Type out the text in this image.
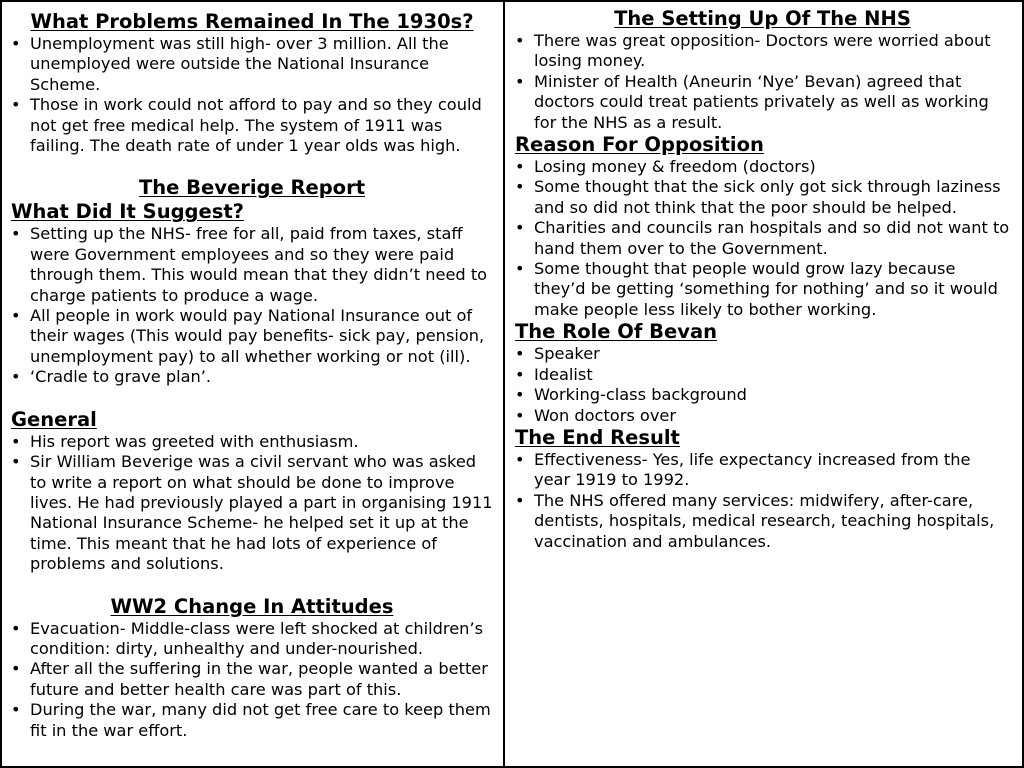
What Problems Remained In The 1930s?
• Unemployment was still high- over 3 million. All the unemployed were outside the National Insurance Scheme.
• Those in work could not afford to pay and so they could not get free medical help. The system of 1911 was failing. The death rate of under 1 year olds was high.
The Beverige Report
What Did It Suggest?
• Setting up the NHS- free for all, paid from taxes, staff were Government employees and so they were paid through them. This would mean that they didn’t need to charge patients to produce a wage.
• All people in work would pay National Insurance out of their wages (This would pay benefits- sick pay, pension, unemployment pay) to all whether working or not (ill).
• ‘Cradle to grave plan’.
General
• His report was greeted with enthusiasm.
• Sir William Beverige was a civil servant who was asked to write a report on what should be done to improve lives. He had previously played a part in organising 1911 National Insurance Scheme- he helped set it up at the time. This meant that he had lots of experience of problems and solutions.
WW2 Change In Attitudes
• Evacuation- Middle-class were left shocked at children’s condition: dirty, unhealthy and under-nourished.
• After all the suffering in the war, people wanted a better future and better health care was part of this.
• During the war, many did not get free care to keep them fit in the war effort.
The Setting Up Of The NHS
• There was great opposition- Doctors were worried about losing money.
• Minister of Health (Aneurin ‘Nye’ Bevan) agreed that doctors could treat patients privately as well as working for the NHS as a result.
Reason For Opposition
• Losing money & freedom (doctors)
• Some thought that the sick only got sick through laziness and so did not think that the poor should be helped.
• Charities and councils ran hospitals and so did not want to hand them over to the Government.
• Some thought that people would grow lazy because they’d be getting ‘something for nothing’ and so it would make people less likely to bother working.
The Role Of Bevan
• Speaker
• Idealist
• Working-class background
• Won doctors over
The End Result
• Effectiveness- Yes, life expectancy increased from the year 1919 to 1992.
• The NHS offered many services: midwifery, after-care, dentists, hospitals, medical research, teaching hospitals, vaccination and ambulances.
